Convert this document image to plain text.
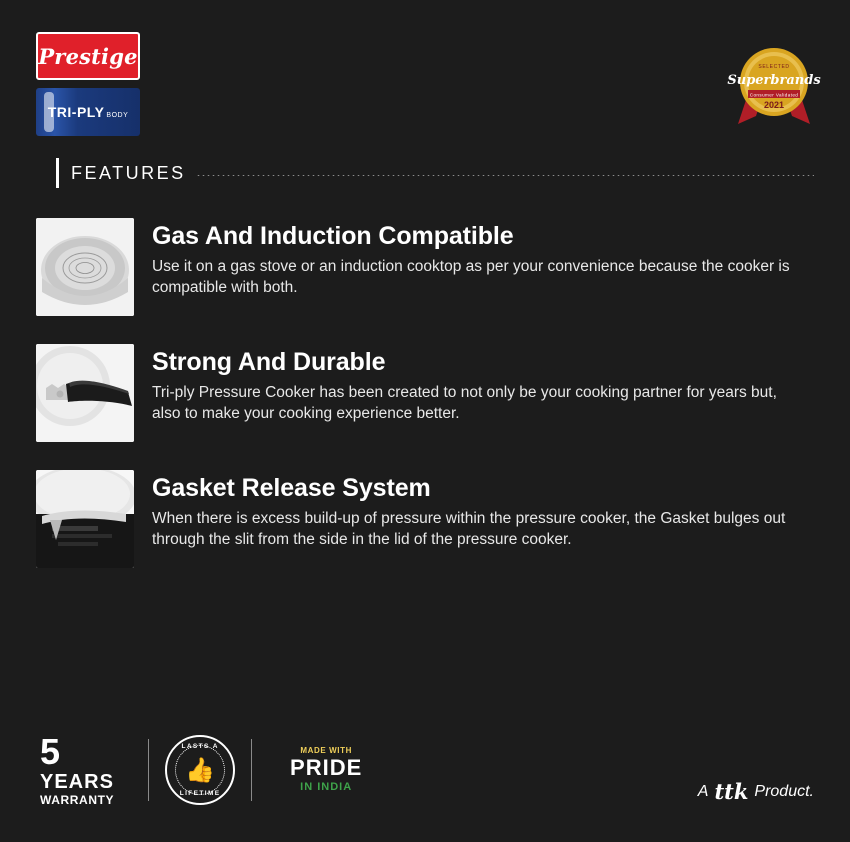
Prestige
TRI-PLY BODY
SELECTED
Superbrands
Consumer Validated
2021
FEATURES
Gas And Induction Compatible

Use it on a gas stove or an induction cooktop as per your convenience because the cooker is compatible with both.

Strong And Durable

Tri-ply Pressure Cooker has been created to not only be your cooking partner for years but, also to make your cooking experience better.

Gasket Release System

When there is excess build-up of pressure within the pressure cooker, the Gasket bulges out through the slit from the side in the lid of the pressure cooker.

5
YEARS
WARRANTY
LASTS A
👍
LIFETIME
MADE WITH
PRIDE
IN INDIA	A ttk Product.
